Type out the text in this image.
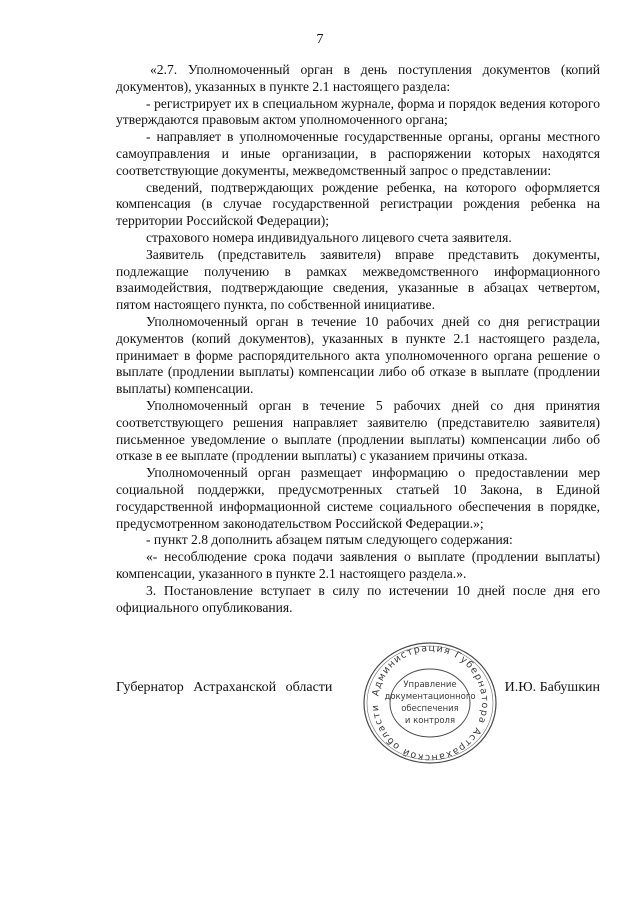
7

«2.7. Уполномоченный орган в день поступления документов (копий документов), указанных в пункте 2.1 настоящего раздела:

- регистрирует их в специальном журнале, форма и порядок ведения которого утверждаются правовым актом уполномоченного органа;

- направляет в уполномоченные государственные органы, органы местного самоуправления и иные организации, в распоряжении которых находятся соответствующие документы, межведомственный запрос о представлении:

сведений, подтверждающих рождение ребенка, на которого оформляется компенсация (в случае государственной регистрации рождения ребенка на территории Российской Федерации);

страхового номера индивидуального лицевого счета заявителя.

Заявитель (представитель заявителя) вправе представить документы, подлежащие получению в рамках межведомственного информационного взаимодействия, подтверждающие сведения, указанные в абзацах четвертом, пятом настоящего пункта, по собственной инициативе.

Уполномоченный орган в течение 10 рабочих дней со дня регистрации документов (копий документов), указанных в пункте 2.1 настоящего раздела, принимает в форме распорядительного акта уполномоченного органа решение о выплате (продлении выплаты) компенсации либо об отказе в выплате (продлении выплаты) компенсации.

Уполномоченный орган в течение 5 рабочих дней со дня принятия соответствующего решения направляет заявителю (представителю заявителя) письменное уведомление о выплате (продлении выплаты) компенсации либо об отказе в ее выплате (продлении выплаты) с указанием причины отказа.

Уполномоченный орган размещает информацию о предоставлении мер социальной поддержки, предусмотренных статьей 10 Закона, в Единой государственной информационной системе социального обеспечения в порядке, предусмотренном законодательством Российской Федерации.»;

- пункт 2.8 дополнить абзацем пятым следующего содержания:

«- несоблюдение срока подачи заявления о выплате (продлении выплаты) компенсации, указанного в пункте 2.1 настоящего раздела.».

3. Постановление вступает в силу по истечении 10 дней после дня его официального опубликования.

Губернатор Астраханской области	И.Ю. Бабушкин
Администрация Губернатора Астраханской области
Управление
документационного
обеспечения
и контроля
